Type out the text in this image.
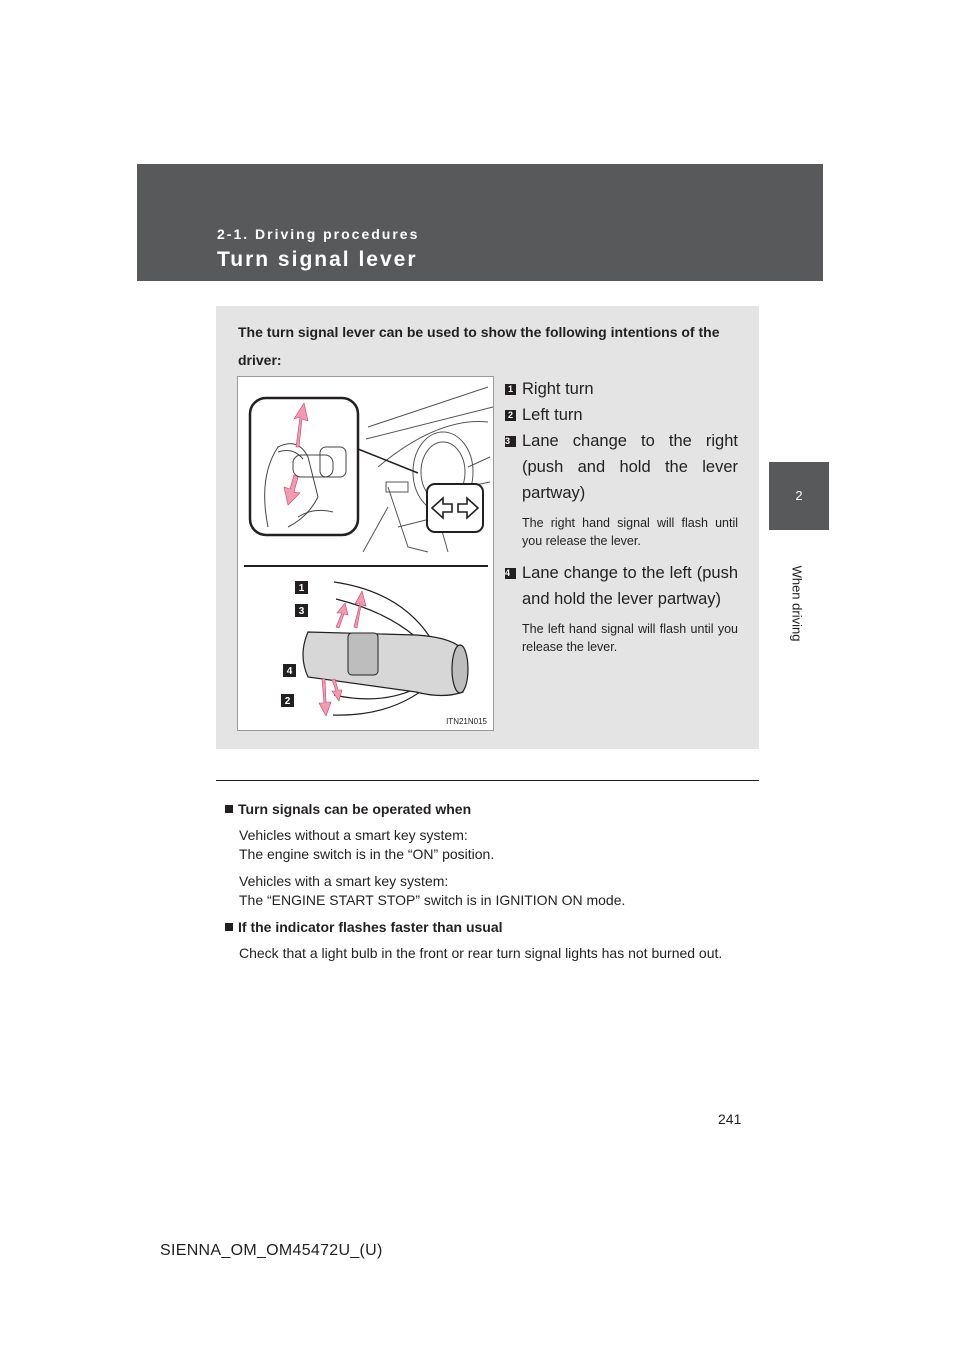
2-1. Driving procedures
Turn signal lever
2
When driving
The turn signal lever can be used to show the following intentions of the driver:
1
3
4
2
ITN21N015
1 Right turn
2 Left turn
3 Lane change to the right (push and hold the lever partway)
The right hand signal will flash until you release the lever.
4 Lane change to the left (push and hold the lever partway)
The left hand signal will flash until you release the lever.
Turn signals can be operated when
Vehicles without a smart key system:
The engine switch is in the “ON” position.
Vehicles with a smart key system:
The “ENGINE START STOP” switch is in IGNITION ON mode.
If the indicator flashes faster than usual
Check that a light bulb in the front or rear turn signal lights has not burned out.
241
SIENNA_OM_OM45472U_(U)
